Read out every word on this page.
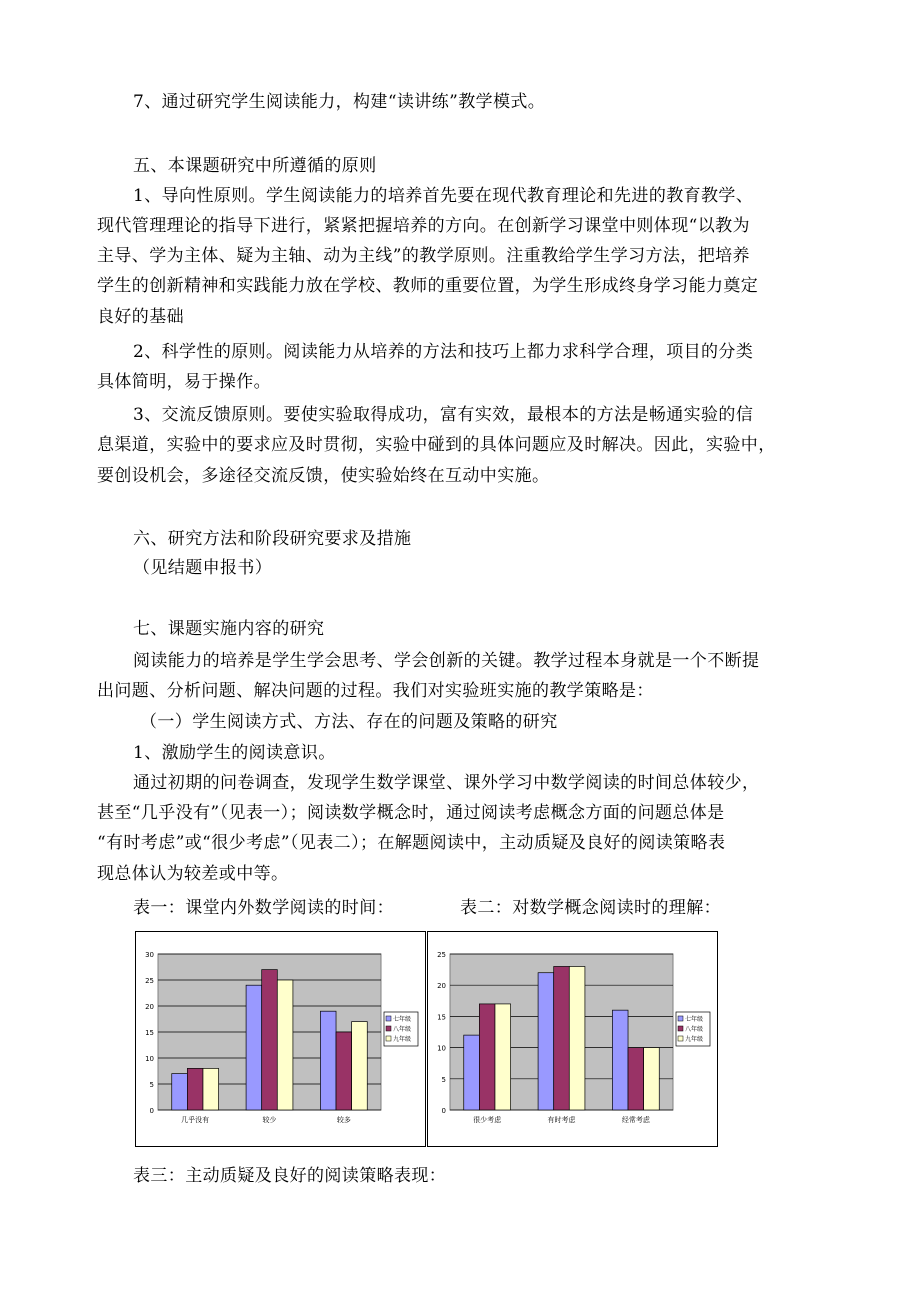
7、通过研究学生阅读能力，构建“读讲练”教学模式。
五、本课题研究中所遵循的原则
1、导向性原则。学生阅读能力的培养首先要在现代教育理论和先进的教育教学、
现代管理理论的指导下进行，紧紧把握培养的方向。在创新学习课堂中则体现“以教为
主导、学为主体、疑为主轴、动为主线”的教学原则。注重教给学生学习方法，把培养
学生的创新精神和实践能力放在学校、教师的重要位置，为学生形成终身学习能力奠定
良好的基础
2、科学性的原则。阅读能力从培养的方法和技巧上都力求科学合理，项目的分类
具体简明，易于操作。
3、交流反馈原则。要使实验取得成功，富有实效，最根本的方法是畅通实验的信
息渠道，实验中的要求应及时贯彻，实验中碰到的具体问题应及时解决。因此，实验中，
要创设机会，多途径交流反馈，使实验始终在互动中实施。
六、研究方法和阶段研究要求及措施
（见结题申报书）
七、课题实施内容的研究
阅读能力的培养是学生学会思考、学会创新的关键。教学过程本身就是一个不断提
出问题、分析问题、解决问题的过程。我们对实验班实施的教学策略是：
（一）学生阅读方式、方法、存在的问题及策略的研究
1、激励学生的阅读意识。
通过初期的问卷调查，发现学生数学课堂、课外学习中数学阅读的时间总体较少，
甚至“几乎没有”（见表一）；阅读数学概念时，通过阅读考虑概念方面的问题总体是
“有时考虑”或“很少考虑”（见表二）；在解题阅读中，主动质疑及良好的阅读策略表
现总体认为较差或中等。
表一：课堂内外数学阅读的时间：	表二：对数学概念阅读时的理解：
0
5
10
15
20
25
30
几乎没有	较少	较多
七年级
八年级
九年级
0
5
10
15
20
25
很少考虑	有时考虑	经常考虑
七年级
八年级
九年级
表三：主动质疑及良好的阅读策略表现：
